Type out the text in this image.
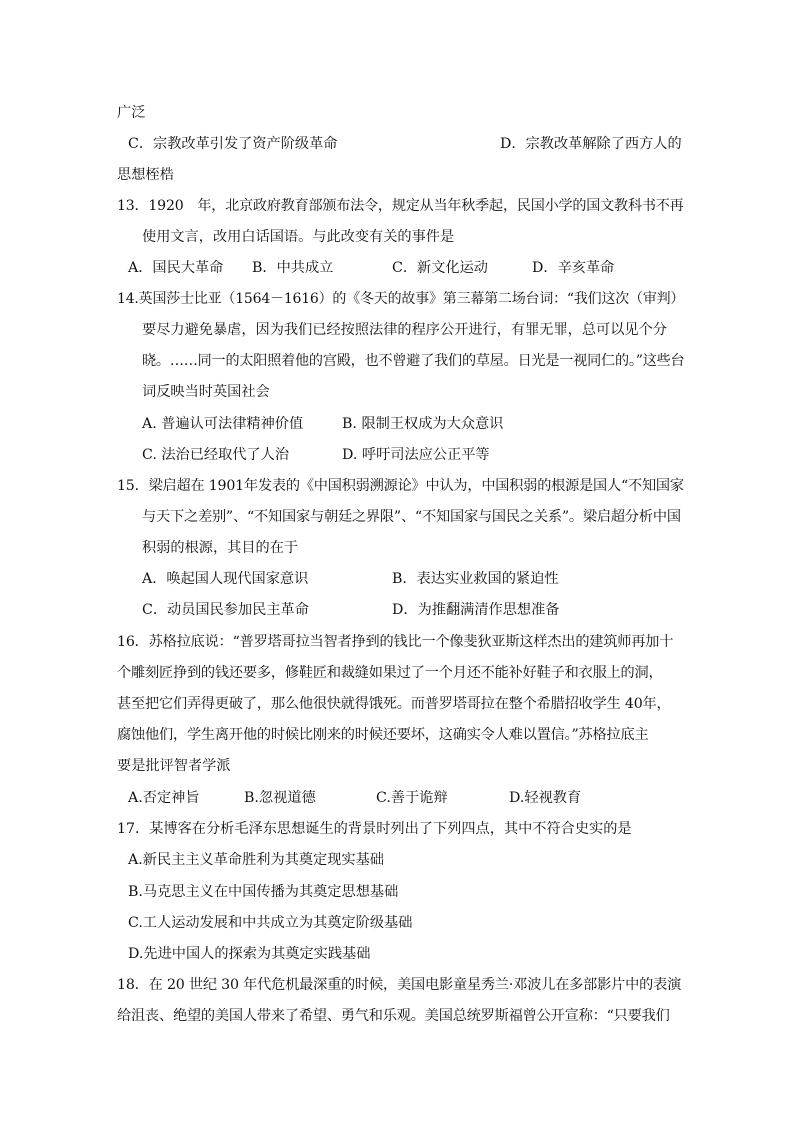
广泛
C．宗教改革引发了资产阶级革命	D．宗教改革解除了西方人的
思想桎梏
13．1920　年，北京政府教育部颁布法令，规定从当年秋季起，民国小学的国文教科书不再
使用文言，改用白话国语。与此改变有关的事件是
A．国民大革命 B．中共成立	C．新文化运动	D．辛亥革命
14.英国莎士比亚（1564－1616）的《冬天的故事》第三幕第二场台词：“我们这次（审判）
要尽力避免暴虐，因为我们已经按照法律的程序公开进行，有罪无罪，总可以见个分
晓。……同一的太阳照着他的宫殿，也不曾避了我们的草屋。日光是一视同仁的。”这些台
词反映当时英国社会
A. 普遍认可法律精神价值	B. 限制王权成为大众意识
C. 法治已经取代了人治	D. 呼吁司法应公正平等
15．梁启超在 1901年发表的《中国积弱溯源论》中认为，中国积弱的根源是国人“不知国家
与天下之差别”、“不知国家与朝廷之界限”、“不知国家与国民之关系”。梁启超分析中国
积弱的根源，其目的在于
A．唤起国人现代国家意识	B．表达实业救国的紧迫性
C．动员国民参加民主革命	D．为推翻满清作思想准备
16．苏格拉底说：“普罗塔哥拉当智者挣到的钱比一个像斐狄亚斯这样杰出的建筑师再加十
个雕刻匠挣到的钱还要多，修鞋匠和裁缝如果过了一个月还不能补好鞋子和衣服上的洞，
甚至把它们弄得更破了，那么他很快就得饿死。而普罗塔哥拉在整个希腊招收学生 40年，
腐蚀他们，学生离开他的时候比刚来的时候还要坏，这确实令人难以置信。”苏格拉底主
要是批评智者学派
A.否定神旨	B.忽视道德	C.善于诡辩	D.轻视教育
17．某博客在分析毛泽东思想诞生的背景时列出了下列四点，其中不符合史实的是
A.新民主主义革命胜利为其奠定现实基础
B.马克思主义在中国传播为其奠定思想基础
C.工人运动发展和中共成立为其奠定阶级基础
D.先进中国人的探索为其奠定实践基础
18．在 20 世纪 30 年代危机最深重的时候，美国电影童星秀兰·邓波儿在多部影片中的表演
给沮丧、绝望的美国人带来了希望、勇气和乐观。美国总统罗斯福曾公开宣称：“只要我们
